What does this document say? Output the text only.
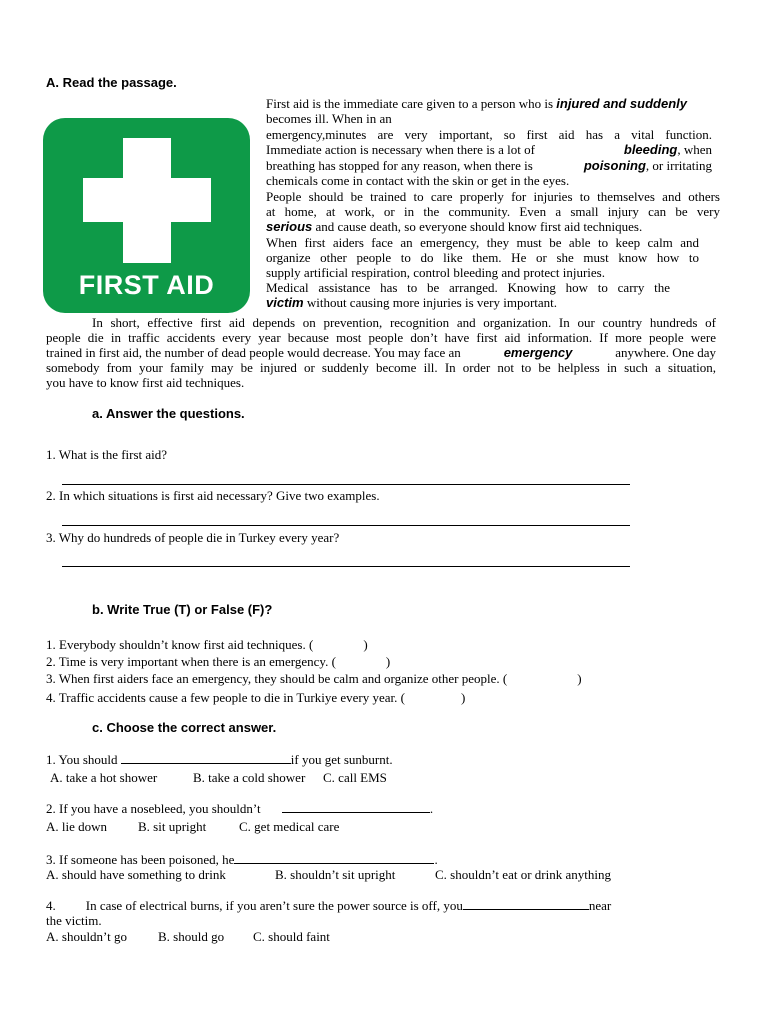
A. Read the passage.
FIRST AID
First aid is the immediate care given to a person who is injured and suddenly
becomes ill. When in an
emergency,minutes are very important, so first aid has a vital function.
Immediate action is necessary when there is a lot of	bleeding, when
breathing has stopped for any reason, when there is	poisoning, or irritating
chemicals come in contact with the skin or get in the eyes.
People should be trained to care properly for injuries to themselves and others
at home, at work, or in the community. Even a small injury can be very
serious and cause death, so everyone should know first aid techniques.
When first aiders face an emergency, they must be able to keep calm and
organize other people to do like them. He or she must know how to
supply artificial respiration, control bleeding and protect injuries.
Medical assistance has to be arranged. Knowing how to carry the
victim without causing more injuries is very important.
In short, effective first aid depends on prevention, recognition and organization. In our country hundreds of
people die in traffic accidents every year because most people don’t have first aid information. If more people were
trained in first aid, the number of dead people would decrease. You may face an	emergency	anywhere. One day
somebody from your family may be injured or suddenly become ill. In order not to be helpless in such a situation,
you have to know first aid techniques.
a. Answer the questions.
1. What is the first aid?
2. In which situations is first aid necessary? Give two examples.
3. Why do hundreds of people die in Turkey every year?
b. Write True (T) or False (F)?
1. Everybody shouldn’t know first aid techniques. (	)
2. Time is very important when there is an emergency. (	)
3. When first aiders face an emergency, they should be calm and organize other people. (	)
4. Traffic accidents cause a few people to die in Turkiye every year. (	)
c. Choose the correct answer.
1. You should	if you get sunburnt.
A. take a hot shower	B. take a cold shower C. call EMS
2. If you have a nosebleed, you shouldn’t	.
A. lie down B. sit upright	C. get medical care
3. If someone has been poisoned, he	.
A. should have something to drink	B. shouldn’t sit upright	C. shouldn’t eat or drink anything
4. In case of electrical burns, if you aren’t sure the power source is off, you	near
the victim.
A. shouldn’t go B. should go C. should faint
